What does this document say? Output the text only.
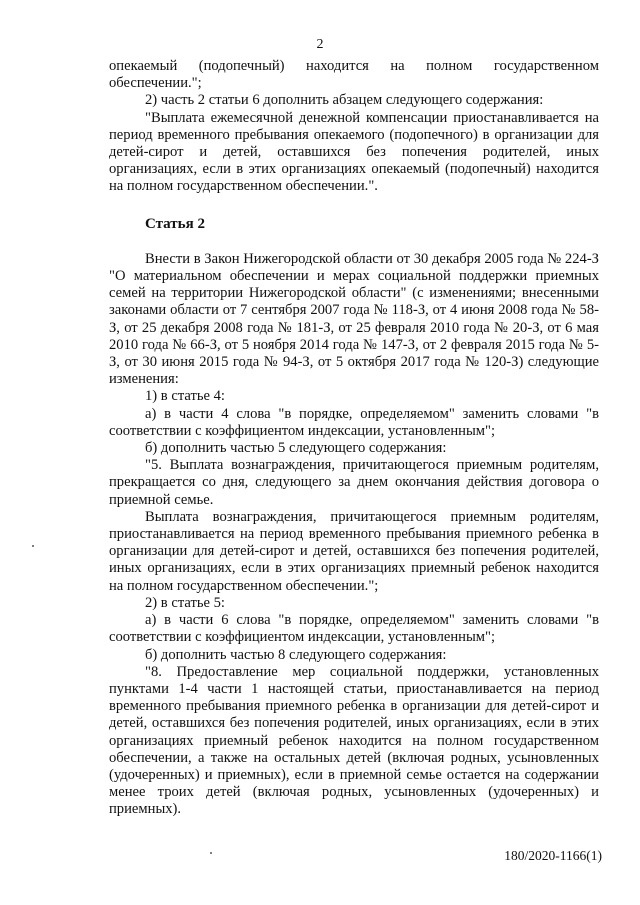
2

опекаемый (подопечный) находится на полном государственном обеспечении.";

2) часть 2 статьи 6 дополнить абзацем следующего содержания:

"Выплата ежемесячной денежной компенсации приостанавливается на период временного пребывания опекаемого (подопечного) в организации для детей-сирот и детей, оставшихся без попечения родителей, иных организациях, если в этих организациях опекаемый (подопечный) находится на полном государственном обеспечении.".

Статья 2

Внести в Закон Нижегородской области от 30 декабря 2005 года № 224-З "О материальном обеспечении и мерах социальной поддержки приемных семей на территории Нижегородской области" (с изменениями; внесенными законами области от 7 сентября 2007 года № 118-З, от 4 июня 2008 года № 58-З, от 25 декабря 2008 года № 181-З, от 25 февраля 2010 года № 20-З, от 6 мая 2010 года № 66-З, от 5 ноября 2014 года № 147-З, от 2 февраля 2015 года № 5-З, от 30 июня 2015 года № 94-З, от 5 октября 2017 года № 120-З) следующие изменения:

1) в статье 4:

а) в части 4 слова "в порядке, определяемом" заменить словами "в соответствии с коэффициентом индексации, установленным";

б) дополнить частью 5 следующего содержания:

"5. Выплата вознаграждения, причитающегося приемным родителям, прекращается со дня, следующего за днем окончания действия договора о приемной семье.

Выплата вознаграждения, причитающегося приемным родителям, приостанавливается на период временного пребывания приемного ребенка в организации для детей-сирот и детей, оставшихся без попечения родителей, иных организациях, если в этих организациях приемный ребенок находится на полном государственном обеспечении.";

2) в статье 5:

а) в части 6 слова "в порядке, определяемом" заменить словами "в соответствии с коэффициентом индексации, установленным";

б) дополнить частью 8 следующего содержания:

"8. Предоставление мер социальной поддержки, установленных пунктами 1-4 части 1 настоящей статьи, приостанавливается на период временного пребывания приемного ребенка в организации для детей-сирот и детей, оставшихся без попечения родителей, иных организациях, если в этих организациях приемный ребенок находится на полном государственном обеспечении, а также на остальных детей (включая родных, усыновленных (удочеренных) и приемных), если в приемной семье остается на содержании менее троих детей (включая родных, усыновленных (удочеренных) и приемных).

180/2020-1166(1)
